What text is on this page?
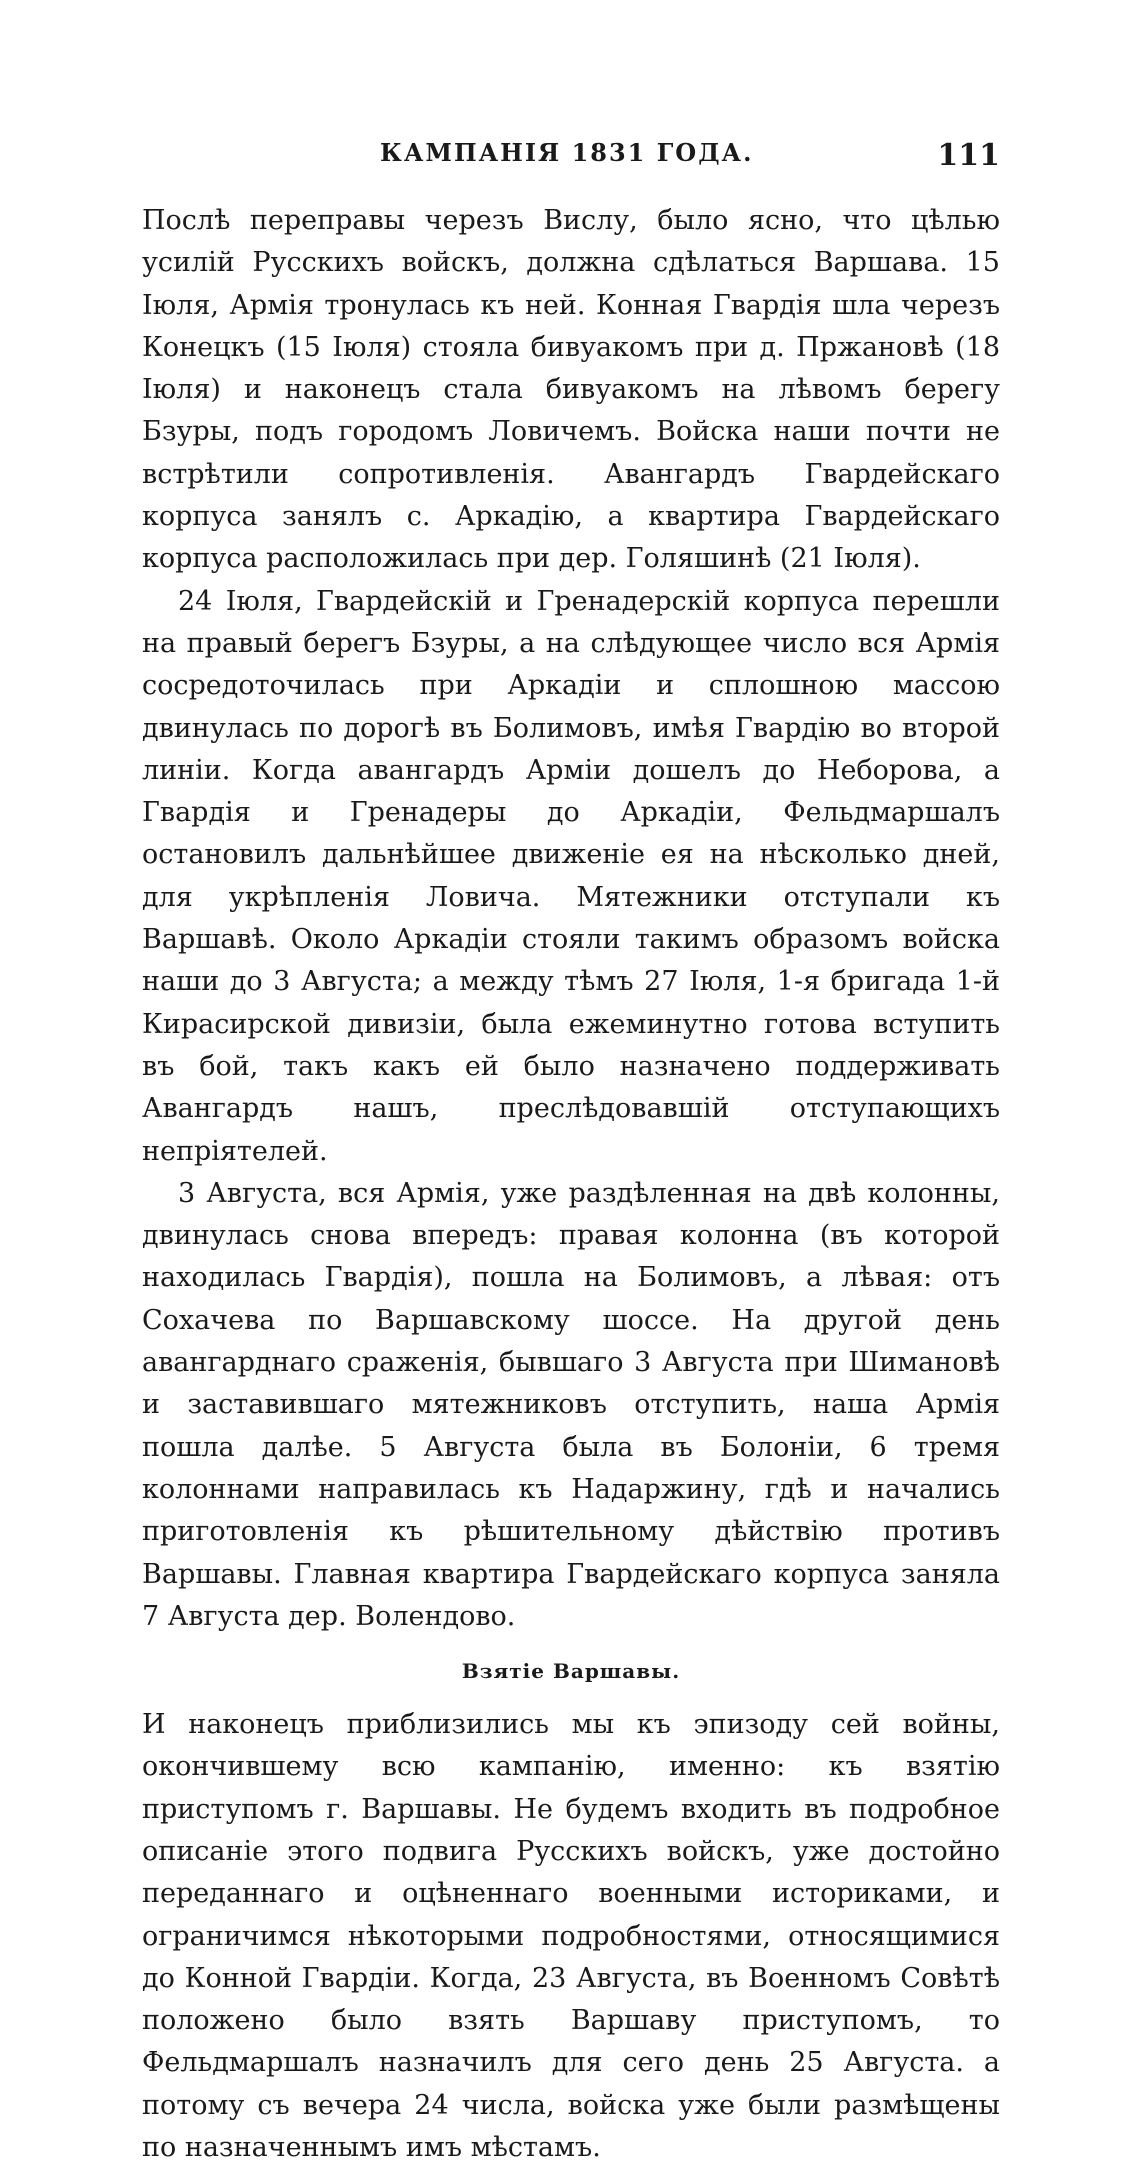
КАМПАНІЯ 1831 ГОДА.	111

Послѣ переправы черезъ Вислу, было ясно, что цѣлью усилій Русскихъ войскъ, должна сдѣлаться Варшава. 15 Іюля, Армія тронулась къ ней. Конная Гвардія шла черезъ Конецкъ (15 Іюля) стояла бивуакомъ при д. Пржановѣ (18 Іюля) и наконецъ стала бивуакомъ на лѣвомъ берегу Бзуры, подъ городомъ Ловичемъ. Войска наши почти не встрѣтили сопротивленія. Авангардъ Гвардейскаго корпуса занялъ с. Аркадію, а квартира Гвардейскаго корпуса расположилась при дер. Голяшинѣ (21 Іюля).

24 Іюля, Гвардейскій и Гренадерскій корпуса перешли на правый берегъ Бзуры, а на слѣдующее число вся Армія сосредоточилась при Аркадіи и сплошною массою двинулась по дорогѣ въ Болимовъ, имѣя Гвардію во второй линіи. Когда авангардъ Арміи дошелъ до Неборова, а Гвардія и Гренадеры до Аркадіи, Фельдмаршалъ остановилъ дальнѣйшее движеніе ея на нѣсколько дней, для укрѣпленія Ловича. Мятежники отступали къ Варшавѣ. Около Аркадіи стояли такимъ образомъ войска наши до 3 Августа; а между тѣмъ 27 Іюля, 1-я бригада 1-й Кирасирской дивизіи, была ежеминутно готова вступить въ бой, такъ какъ ей было назначено поддерживать Авангардъ нашъ, преслѣдовавшій отступающихъ непріятелей.

3 Августа, вся Армія, уже раздѣленная на двѣ колонны, двинулась снова впередъ: правая колонна (въ которой находилась Гвардія), пошла на Болимовъ, а лѣвая: отъ Сохачева по Варшавскому шоссе. На другой день авангарднаго сраженія, бывшаго 3 Августа при Шимановѣ и заставившаго мятежниковъ отступить, наша Армія пошла далѣе. 5 Августа была въ Болоніи, 6 тремя колоннами направилась къ Надаржину, гдѣ и начались приготовленія къ рѣшительному дѣйствію противъ Варшавы. Главная квартира Гвардейскаго корпуса заняла 7 Августа дер. Волендово.

Взятіе Варшавы.

И наконецъ приблизились мы къ эпизоду сей войны, окончившему всю кампанію, именно: къ взятію приступомъ г. Варшавы. Не будемъ входить въ подробное описаніе этого подвига Русскихъ войскъ, уже достойно переданнаго и оцѣненнаго военными историками, и ограничимся нѣкоторыми подробностями, относящимися до Конной Гвардіи. Когда, 23 Августа, въ Военномъ Совѣтѣ положено было взять Варшаву приступомъ, то Фельдмаршалъ назначилъ для сего день 25 Августа. а потому съ вечера 24 числа, войска уже были размѣщены по назначеннымъ имъ мѣстамъ.
